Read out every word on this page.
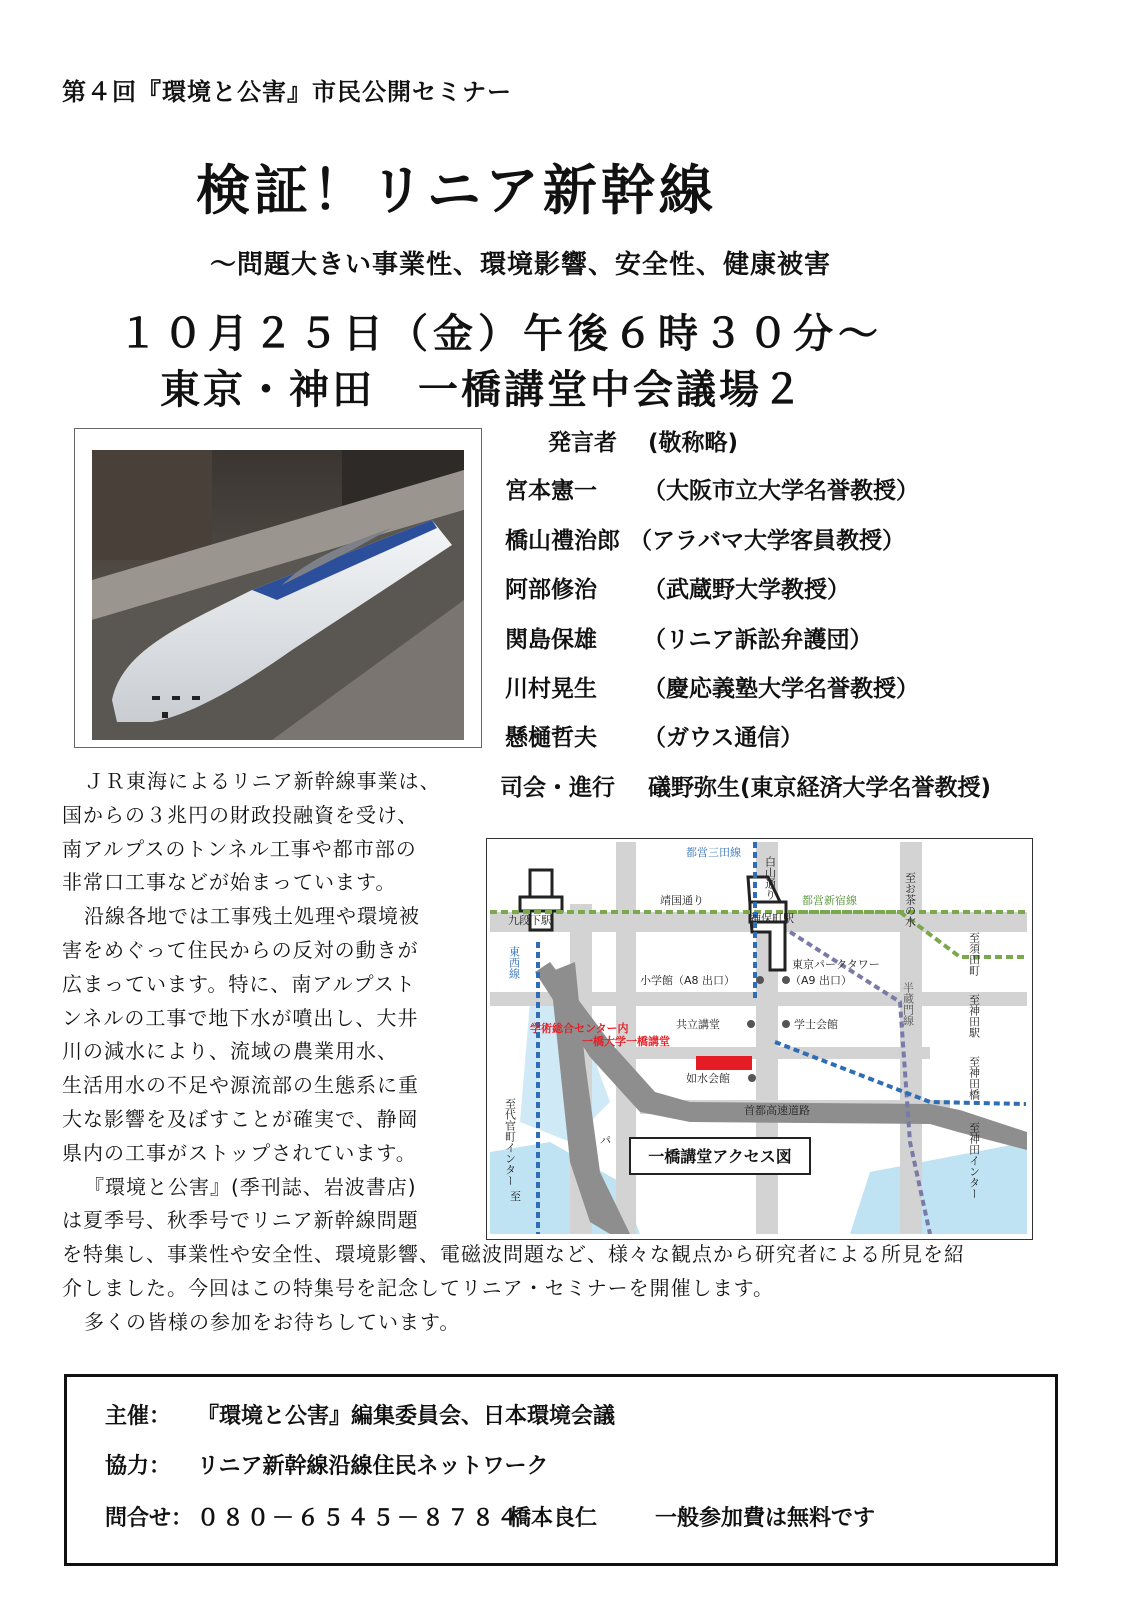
第４回『環境と公害』市民公開セミナー
検証！リニア新幹線
～問題大きい事業性、環境影響、安全性、健康被害
１０月２５日（金）午後６時３０分～
東京・神田　一橋講堂中会議場２
発言者 (敬称略)
宮本憲一 （大阪市立大学名誉教授）
橋山禮治郎 （アラバマ大学客員教授）
阿部修治 （武蔵野大学教授）
関島保雄 （リニア訴訟弁護団）
川村晃生 （慶応義塾大学名誉教授）
懸樋哲夫 （ガウス通信）
司会・進行 礒野弥生(東京経済大学名誉教授)
ＪＲ東海によるリニア新幹線事業は、
国からの３兆円の財政投融資を受け、
南アルプスのトンネル工事や都市部の
非常口工事などが始まっています。
沿線各地では工事残土処理や環境被
害をめぐって住民からの反対の動きが
広まっています。特に、南アルプスト
ンネルの工事で地下水が噴出し、大井
川の減水により、流域の農業用水、
生活用水の不足や源流部の生態系に重
大な影響を及ぼすことが確実で、静岡
県内の工事がストップされています。
『環境と公害』(季刊誌、岩波書店)
は夏季号、秋季号でリニア新幹線問題
を特集し、事業性や安全性、環境影響、電磁波問題など、様々な観点から研究者による所見を紹
介しました。今回はこの特集号を記念してリニア・セミナーを開催します。
多くの皆様の参加をお待ちしています。
都営三田線
靖国通り	都営新宿線
九段下駅	神保町駅
小学館（A8 出口）
東京パークタワー
（A9 出口）
共立講堂	学士会館
学術総合センター内
一橋大学一橋講堂
如水会館
首都高速道路
パ
白山通り	至お茶の水
東西線	至須田町
半蔵門線	至神田駅
至神田橋
至代官町インター	至神田インター
至
一橋講堂アクセス図
主催： 『環境と公害』編集委員会、日本環境会議
協力： リニア新幹線沿線住民ネットワーク
問合せ： ０８０－６５４５－８７８４
橋本良仁	一般参加費は無料です
